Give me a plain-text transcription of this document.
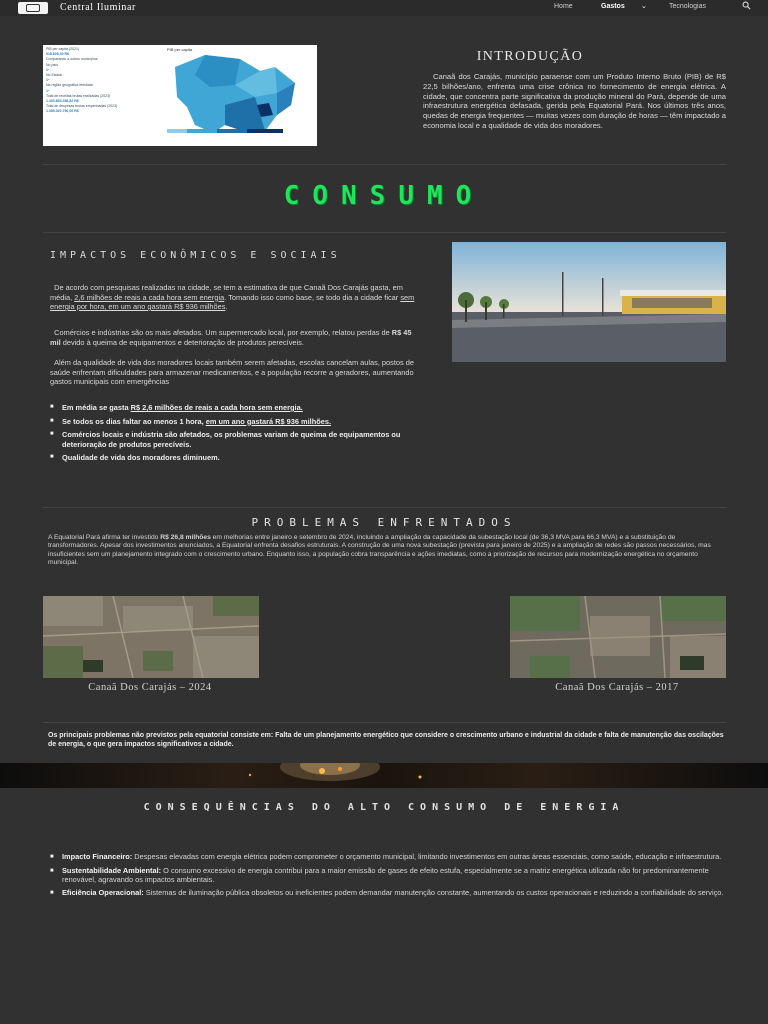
Central Iluminar	Home	Gastos ⌄	Tecnologias
PIB per capita (2021)
918.806,30 R$
Comparando a outros municípios
No país
1º
No Estado
1º
Na região geográfica imediata
1º
Total de receitas brutas realizadas (2023)
1.403.853.288,82 R$
Total de despesas brutas empenhadas (2023)
1.389.022.790,00 R$
PIB per capita	INTRODUÇÃO

Canaã dos Carajás, município paraense com um Produto Interno Bruto (PIB) de R$ 22,5 bilhões/ano, enfrenta uma crise crônica no fornecimento de energia elétrica. A cidade, que concentra parte significativa da produção mineral do Pará, depende de uma infraestrutura energética defasada, gerida pela Equatorial Pará. Nos últimos três anos, quedas de energia frequentes — muitas vezes com duração de horas — têm impactado a economia local e a qualidade de vida dos moradores.

CONSUMO
IMPACTOS ECONÔMICOS E SOCIAIS

De acordo com pesquisas realizadas na cidade, se tem a estimativa de que Canaã Dos Carajás gasta, em média, 2,6 milhões de reais a cada hora sem energia. Tomando isso como base, se todo dia a cidade ficar sem energia por hora, em um ano gastará R$ 936 milhões.

Comércios e indústrias são os mais afetados. Um supermercado local, por exemplo, relatou perdas de R$ 45 mil devido à queima de equipamentos e deterioração de produtos perecíveis.

Além da qualidade de vida dos moradores locais também serem afetadas, escolas cancelam aulas, postos de saúde enfrentam dificuldades para armazenar medicamentos, e a população recorre a geradores, aumentando gastos municipais com emergências

■ Em média se gasta R$ 2,6 milhões de reais a cada hora sem energia.
■ Se todos os dias faltar ao menos 1 hora, em um ano gastará R$ 936 milhões.
■ Comércios locais e indústria são afetados, os problemas variam de queima de equipamentos ou deterioração de produtos perecíveis.
■ Qualidade de vida dos moradores diminuem.
PROBLEMAS ENFRENTADOS

A Equatorial Pará afirma ter investido R$ 26,8 milhões em melhorias entre janeiro e setembro de 2024, incluindo a ampliação da capacidade da subestação local (de 36,3 MVA para 66,3 MVA) e a substituição de transformadores. Apesar dos investimentos anunciados, a Equatorial enfrenta desafios estruturais. A construção de uma nova subestação (prevista para janeiro de 2025) e a ampliação de redes são passos necessários, mas insuficientes sem um planejamento integrado com o crescimento urbano. Enquanto isso, a população cobra transparência e ações imediatas, como a priorização de recursos para modernização energética no orçamento municipal.

Canaã Dos Carajás – 2024	Canaã Dos Carajás – 2017

Os principais problemas não previstos pela equatorial consiste em: Falta de um planejamento energético que considere o crescimento urbano e industrial da cidade e falta de manutenção das oscilações de energia, o que gera impactos significativos a cidade.

CONSEQUÊNCIAS DO ALTO CONSUMO DE ENERGIA
■ Impacto Financeiro: Despesas elevadas com energia elétrica podem comprometer o orçamento municipal, limitando investimentos em outras áreas essenciais, como saúde, educação e infraestrutura.
■ Sustentabilidade Ambiental: O consumo excessivo de energia contribui para a maior emissão de gases de efeito estufa, especialmente se a matriz energética utilizada não for predominantemente renovável, agravando os impactos ambientais.
■ Eficiência Operacional: Sistemas de iluminação pública obsoletos ou ineficientes podem demandar manutenção constante, aumentando os custos operacionais e reduzindo a confiabilidade do serviço.
